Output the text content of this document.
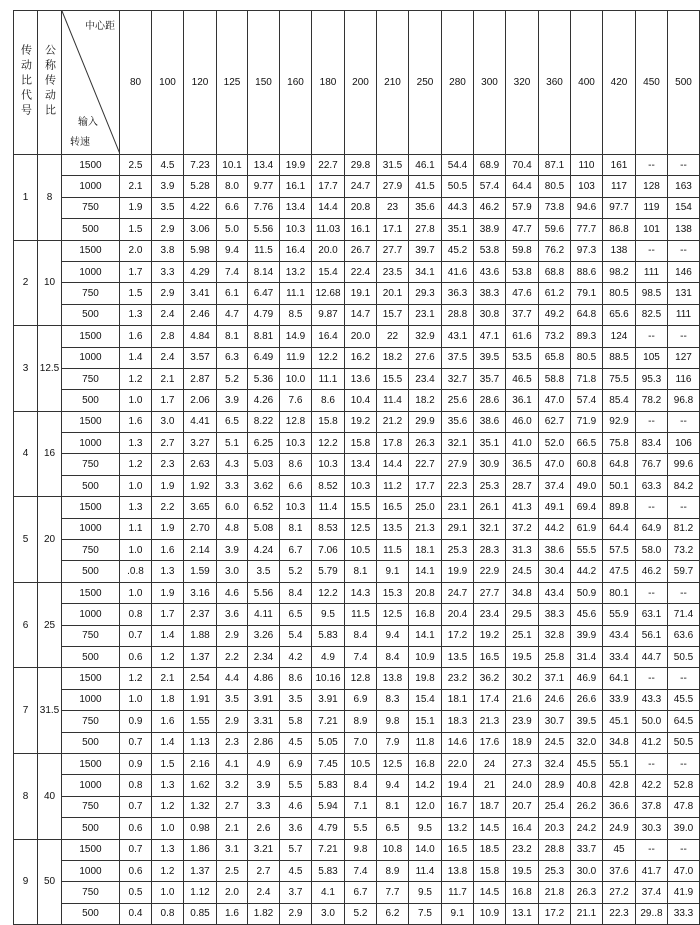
传动比代号	公称传动比	中心距
输入
转速	80	100	120	125	150	160	180	200	210	250	280	300	320	360	400	420	450	500
1	8	1500	2.5	4.5	7.23	10.1	13.4	19.9	22.7	29.8	31.5	46.1	54.4	68.9	70.4	87.1	110	161	--	--
		1000	2.1	3.9	5.28	8.0	9.77	16.1	17.7	24.7	27.9	41.5	50.5	57.4	64.4	80.5	103	117	128	163
		750	1.9	3.5	4.22	6.6	7.76	13.4	14.4	20.8	23	35.6	44.3	46.2	57.9	73.8	94.6	97.7	119	154
		500	1.5	2.9	3.06	5.0	5.56	10.3	11.03	16.1	17.1	27.8	35.1	38.9	47.7	59.6	77.7	86.8	101	138
2	10	1500	2.0	3.8	5.98	9.4	11.5	16.4	20.0	26.7	27.7	39.7	45.2	53.8	59.8	76.2	97.3	138	--	--
		1000	1.7	3.3	4.29	7.4	8.14	13.2	15.4	22.4	23.5	34.1	41.6	43.6	53.8	68.8	88.6	98.2	111	146
		750	1.5	2.9	3.41	6.1	6.47	11.1	12.68	19.1	20.1	29.3	36.3	38.3	47.6	61.2	79.1	80.5	98.5	131
		500	1.3	2.4	2.46	4.7	4.79	8.5	9.87	14.7	15.7	23.1	28.8	30.8	37.7	49.2	64.8	65.6	82.5	111
3	12.5	1500	1.6	2.8	4.84	8.1	8.81	14.9	16.4	20.0	22	32.9	43.1	47.1	61.6	73.2	89.3	124	--	--
		1000	1.4	2.4	3.57	6.3	6.49	11.9	12.2	16.2	18.2	27.6	37.5	39.5	53.5	65.8	80.5	88.5	105	127
		750	1.2	2.1	2.87	5.2	5.36	10.0	11.1	13.6	15.5	23.4	32.7	35.7	46.5	58.8	71.8	75.5	95.3	116
		500	1.0	1.7	2.06	3.9	4.26	7.6	8.6	10.4	11.4	18.2	25.6	28.6	36.1	47.0	57.4	85.4	78.2	96.8
4	16	1500	1.6	3.0	4.41	6.5	8.22	12.8	15.8	19.2	21.2	29.9	35.6	38.6	46.0	62.7	71.9	92.9	--	--
		1000	1.3	2.7	3.27	5.1	6.25	10.3	12.2	15.8	17.8	26.3	32.1	35.1	41.0	52.0	66.5	75.8	83.4	106
		750	1.2	2.3	2.63	4.3	5.03	8.6	10.3	13.4	14.4	22.7	27.9	30.9	36.5	47.0	60.8	64.8	76.7	99.6
		500	1.0	1.9	1.92	3.3	3.62	6.6	8.52	10.3	11.2	17.7	22.3	25.3	28.7	37.4	49.0	50.1	63.3	84.2
5	20	1500	1.3	2.2	3.65	6.0	6.52	10.3	11.4	15.5	16.5	25.0	23.1	26.1	41.3	49.1	69.4	89.8	--	--
		1000	1.1	1.9	2.70	4.8	5.08	8.1	8.53	12.5	13.5	21.3	29.1	32.1	37.2	44.2	61.9	64.4	64.9	81.2
		750	1.0	1.6	2.14	3.9	4.24	6.7	7.06	10.5	11.5	18.1	25.3	28.3	31.3	38.6	55.5	57.5	58.0	73.2
		500	.0.8	1.3	1.59	3.0	3.5	5.2	5.79	8.1	9.1	14.1	19.9	22.9	24.5	30.4	44.2	47.5	46.2	59.7
6	25	1500	1.0	1.9	3.16	4.6	5.56	8.4	12.2	14.3	15.3	20.8	24.7	27.7	34.8	43.4	50.9	80.1	--	--
		1000	0.8	1.7	2.37	3.6	4.11	6.5	9.5	11.5	12.5	16.8	20.4	23.4	29.5	38.3	45.6	55.9	63.1	71.4
		750	0.7	1.4	1.88	2.9	3.26	5.4	5.83	8.4	9.4	14.1	17.2	19.2	25.1	32.8	39.9	43.4	56.1	63.6
		500	0.6	1.2	1.37	2.2	2.34	4.2	4.9	7.4	8.4	10.9	13.5	16.5	19.5	25.8	31.4	33.4	44.7	50.5
7	31.5	1500	1.2	2.1	2.54	4.4	4.86	8.6	10.16	12.8	13.8	19.8	23.2	36.2	30.2	37.1	46.9	64.1	--	--
		1000	1.0	1.8	1.91	3.5	3.91	3.5	3.91	6.9	8.3	15.4	18.1	17.4	21.6	24.6	26.6	33.9	43.3	45.5
		750	0.9	1.6	1.55	2.9	3.31	5.8	7.21	8.9	9.8	15.1	18.3	21.3	23.9	30.7	39.5	45.1	50.0	64.5
		500	0.7	1.4	1.13	2.3	2.86	4.5	5.05	7.0	7.9	11.8	14.6	17.6	18.9	24.5	32.0	34.8	41.2	50.5
8	40	1500	0.9	1.5	2.16	4.1	4.9	6.9	7.45	10.5	12.5	16.8	22.0	24	27.3	32.4	45.5	55.1	--	--
		1000	0.8	1.3	1.62	3.2	3.9	5.5	5.83	8.4	9.4	14.2	19.4	21	24.0	28.9	40.8	42.8	42.2	52.8
		750	0.7	1.2	1.32	2.7	3.3	4.6	5.94	7.1	8.1	12.0	16.7	18.7	20.7	25.4	26.2	36.6	37.8	47.8
		500	0.6	1.0	0.98	2.1	2.6	3.6	4.79	5.5	6.5	9.5	13.2	14.5	16.4	20.3	24.2	24.9	30.3	39.0
9	50	1500	0.7	1.3	1.86	3.1	3.21	5.7	7.21	9.8	10.8	14.0	16.5	18.5	23.2	28.8	33.7	45	--	--
		1000	0.6	1.2	1.37	2.5	2.7	4.5	5.83	7.4	8.9	11.4	13.8	15.8	19.5	25.3	30.0	37.6	41.7	47.0
		750	0.5	1.0	1.12	2.0	2.4	3.7	4.1	6.7	7.7	9.5	11.7	14.5	16.8	21.8	26.3	27.2	37.4	41.9
		500	0.4	0.8	0.85	1.6	1.82	2.9	3.0	5.2	6.2	7.5	9.1	10.9	13.1	17.2	21.1	22.3	29..8	33.3
